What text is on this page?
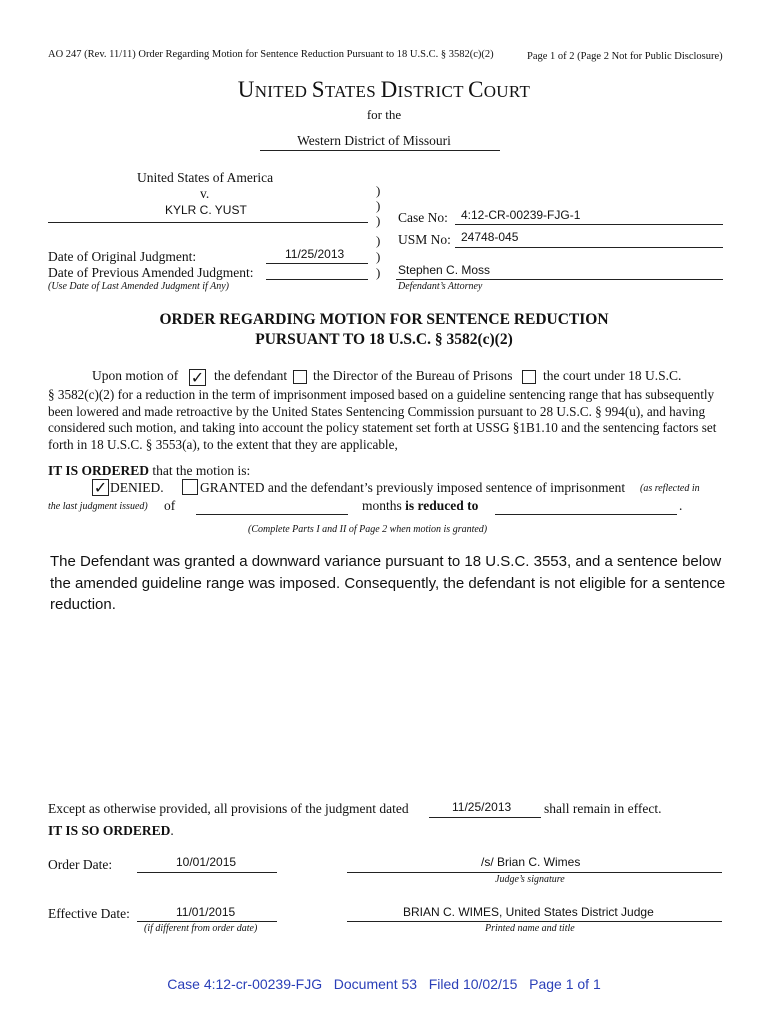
AO 247 (Rev. 11/11) Order Regarding Motion for Sentence Reduction Pursuant to 18 U.S.C. § 3582(c)(2)	Page 1 of 2 (Page 2 Not for Public Disclosure)
UNITED STATES DISTRICT COURT
for the
Western District of Missouri
United States of America
v.
KYLR C. YUST
Date of Original Judgment:	11/25/2013
Date of Previous Amended Judgment:
(Use Date of Last Amended Judgment if Any)
)
)
)
)
)
)
Case No: 4:12-CR-00239-FJG-1
USM No: 24748-045
Stephen C. Moss
Defendant’s Attorney
ORDER REGARDING MOTION FOR SENTENCE REDUCTION
PURSUANT TO 18 U.S.C. § 3582(c)(2)
Upon motion of ✓ the defendant the Director of the Bureau of Prisons the court under 18 U.S.C.
§ 3582(c)(2) for a reduction in the term of imprisonment imposed based on a guideline sentencing range that has subsequently been lowered and made retroactive by the United States Sentencing Commission pursuant to 28 U.S.C. § 994(u), and having considered such motion, and taking into account the policy statement set forth at USSG §1B1.10 and the sentencing factors set forth in 18 U.S.C. § 3553(a), to the extent that they are applicable,
IT IS ORDERED that the motion is:
✓ DENIED.	GRANTED and the defendant’s previously imposed sentence of imprisonment (as reflected in
the last judgment issued) of	months is reduced to	.
(Complete Parts I and II of Page 2 when motion is granted)
The Defendant was granted a downward variance pursuant to 18 U.S.C. 3553, and a sentence below the amended guideline range was imposed. Consequently, the defendant is not eligible for a sentence reduction.
Except as otherwise provided, all provisions of the judgment dated	11/25/2013 shall remain in effect.
IT IS SO ORDERED.
Order Date:	10/01/2015	/s/ Brian C. Wimes
Judge’s signature
Effective Date:	11/01/2015
(if different from order date)
BRIAN C. WIMES, United States District Judge
Printed name and title
Case 4:12-cr-00239-FJG   Document 53   Filed 10/02/15   Page 1 of 1
